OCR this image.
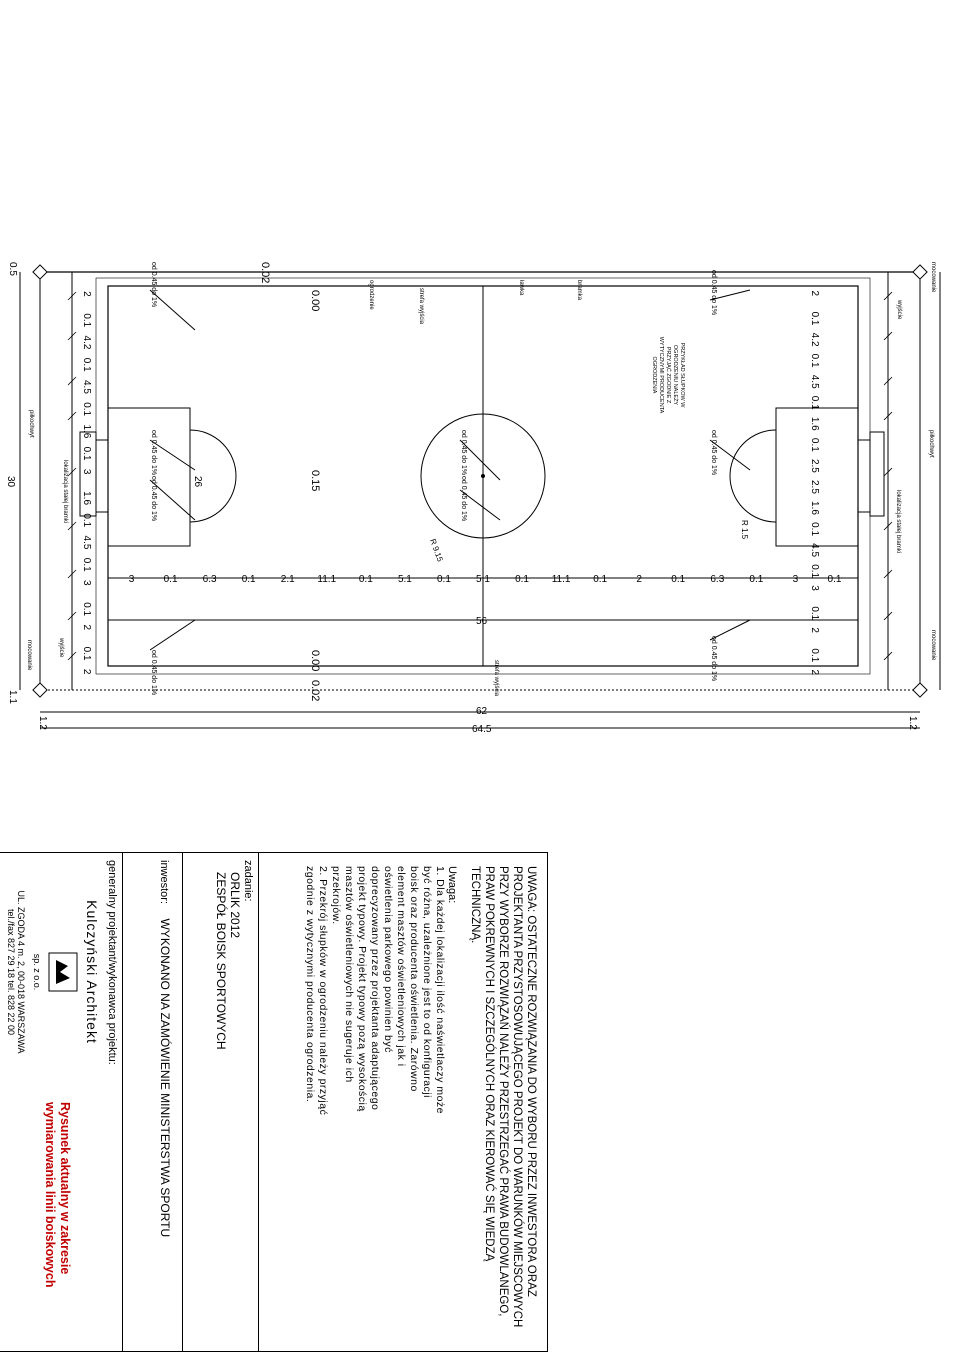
0.5
30
1.1
1.2
62
64.5	1.2
56
26
0.02
0.00
0.15
0.00
0.02
od 0.45 do 1%
od 0.45 do 1%
od 0.45 do 1%
od 0.45 do 1%
od 0.45 do 1%
od 0.45 do 1%
od 0.45 do 1%
od 0.45 do 1%
od 0.45 do 1%
mocowanie
mocowanie
mocowanie
piłkochwyt
piłkochwyt
lokalizacja stałej bramki	lokalizacja stałej bramki
wyjście
wyjście
strefa wyjścia
strefa wyjścia
ogrodzenie	ławka	bramka
R 9.15
R 1.5
PRZYKŁAD SŁUPKÓW W OGRODZENIU NALEŻY PRZYJĄĆ ZGODNIE Z WYTYCZNYMI PRODUCENTA OGRODZENIA
2
0.1
4.2
0.1
4.5
0.1
1.6
0.1
3
1.6
0.1
4.5
0.1
3
0.1
2
0.1
2
2
0.1
4.2
0.1
4.5
0.1
1.6
0.1
2.5
2.5
1.6
0.1
4.5
0.1
3
0.1
2
0.1
2
3	0.1	6.3	0.1	2.1 11.1 0.1	5.1	0.1	5.1	0.1 11.1 0.1	2	0.1	6.3	0.1	3	0.1
UWAGA: OSTATECZNE ROZWIĄZANIA DO WYBORU PRZEZ INWESTORA ORAZ PROJEKTANTA PRZYSTOSOWUJĄCEGO PROJEKT DO WARUNKÓW MIEJSCOWYCH PRZY WYBORZE ROZWIĄZAŃ NALEŻY PRZESTRZEGAĆ PRAWA BUDOWLANEGO, PRAW POKREWNYCH I SZCZEGÓLNYCH ORAZ KIEROWAĆ SIĘ WIEDZĄ TECHNICZNĄ.
Uwaga:
1. Dla każdej lokalizacji ilość naświetlaczy może
być różna, uzależnione jest to od konfiguracji
boisk oraz producenta oświetlenia. Zarówno
element masztów oświetleniowych jak i
oświetlenia parkowego powinien być
doprecyzowany przez projektanta adaptującego
projekt typowy. Projekt typowy pozą wysokością
masztów oświetleniowych nie sugeruje ich
przekrojów.
2. Przekrój słupków w ogrodzeniu należy przyjąć
zgodnie z wytycznymi producenta ogrodzenia.
zadanie:
ORLIK 2012
ZESPÓŁ BOISK SPORTOWYCH
inwestor: WYKONANO NA ZAMÓWIENIE MINISTERSTWA SPORTU
generalny projektant/wykonawca projektu:
Kulczyński Architekt
sp. z o.o.
UL. ZGODA 4 m. 2, 00-018 WARSZAWA
tel./fax 827 29 18 tel. 828 22 00
Rysunek aktualny w zakresie
wymiarowania linii boiskowych
